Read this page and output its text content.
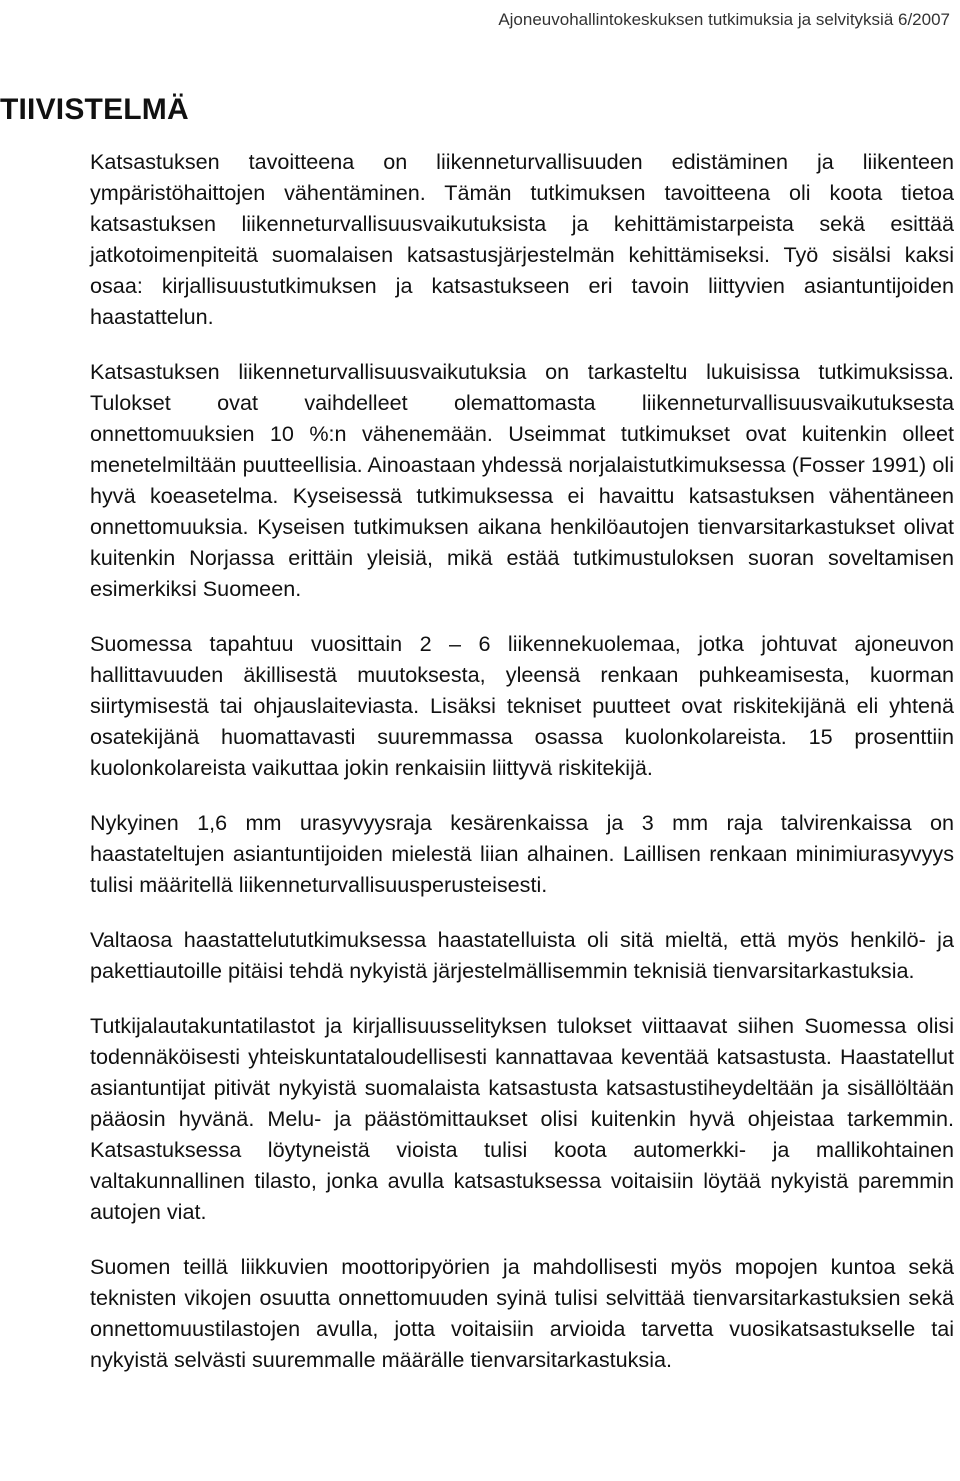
Ajoneuvohallintokeskuksen tutkimuksia ja selvityksiä 6/2007
TIIVISTELMÄ

Katsastuksen tavoitteena on liikenneturvallisuuden edistäminen ja liikenteen ympäristöhaittojen vähentäminen. Tämän tutkimuksen tavoitteena oli koota tietoa katsastuksen liikenneturvallisuusvaikutuksista ja kehittämistarpeista sekä esittää jatkotoimenpiteitä suomalaisen katsastusjärjestelmän kehittämiseksi. Työ sisälsi kaksi osaa: kirjallisuustutkimuksen ja katsastukseen eri tavoin liittyvien asiantuntijoiden haastattelun.

Katsastuksen liikenneturvallisuusvaikutuksia on tarkasteltu lukuisissa tutkimuksissa. Tulokset ovat vaihdelleet olemattomasta liikenneturvallisuusvaikutuksesta onnettomuuksien 10 %:n vähenemään. Useimmat tutkimukset ovat kuitenkin olleet menetelmiltään puutteellisia. Ainoastaan yhdessä norjalaistutkimuksessa (Fosser 1991) oli hyvä koeasetelma. Kyseisessä tutkimuksessa ei havaittu katsastuksen vähentäneen onnettomuuksia. Kyseisen tutkimuksen aikana henkilöautojen tienvarsitarkastukset olivat kuitenkin Norjassa erittäin yleisiä, mikä estää tutkimustuloksen suoran soveltamisen esimerkiksi Suomeen.

Suomessa tapahtuu vuosittain 2 – 6 liikennekuolemaa, jotka johtuvat ajoneuvon hallittavuuden äkillisestä muutoksesta, yleensä renkaan puhkeamisesta, kuorman siirtymisestä tai ohjauslaiteviasta. Lisäksi tekniset puutteet ovat riskitekijänä eli yhtenä osatekijänä huomattavasti suuremmassa osassa kuolonkolareista. 15 prosenttiin kuolonkolareista vaikuttaa jokin renkaisiin liittyvä riskitekijä.

Nykyinen 1,6 mm urasyvyysraja kesärenkaissa ja 3 mm raja talvirenkaissa on haastateltujen asiantuntijoiden mielestä liian alhainen. Laillisen renkaan minimiurasyvyys tulisi määritellä liikenneturvallisuusperusteisesti.

Valtaosa haastattelututkimuksessa haastatelluista oli sitä mieltä, että myös henkilö- ja pakettiautoille pitäisi tehdä nykyistä järjestelmällisemmin teknisiä tienvarsitarkastuksia.

Tutkijalautakuntatilastot ja kirjallisuusselityksen tulokset viittaavat siihen Suomessa olisi todennäköisesti yhteiskuntataloudellisesti kannattavaa keventää katsastusta. Haastatellut asiantuntijat pitivät nykyistä suomalaista katsastusta katsastustiheydeltään ja sisällöltään pääosin hyvänä. Melu- ja päästömittaukset olisi kuitenkin hyvä ohjeistaa tarkemmin. Katsastuksessa löytyneistä vioista tulisi koota automerkki- ja mallikohtainen valtakunnallinen tilasto, jonka avulla katsastuksessa voitaisiin löytää nykyistä paremmin autojen viat.

Suomen teillä liikkuvien moottoripyörien ja mahdollisesti myös mopojen kuntoa sekä teknisten vikojen osuutta onnettomuuden syinä tulisi selvittää tienvarsitarkastuksien sekä onnettomuustilastojen avulla, jotta voitaisiin arvioida tarvetta vuosikatsastukselle tai nykyistä selvästi suuremmalle määrälle tienvarsitarkastuksia.
